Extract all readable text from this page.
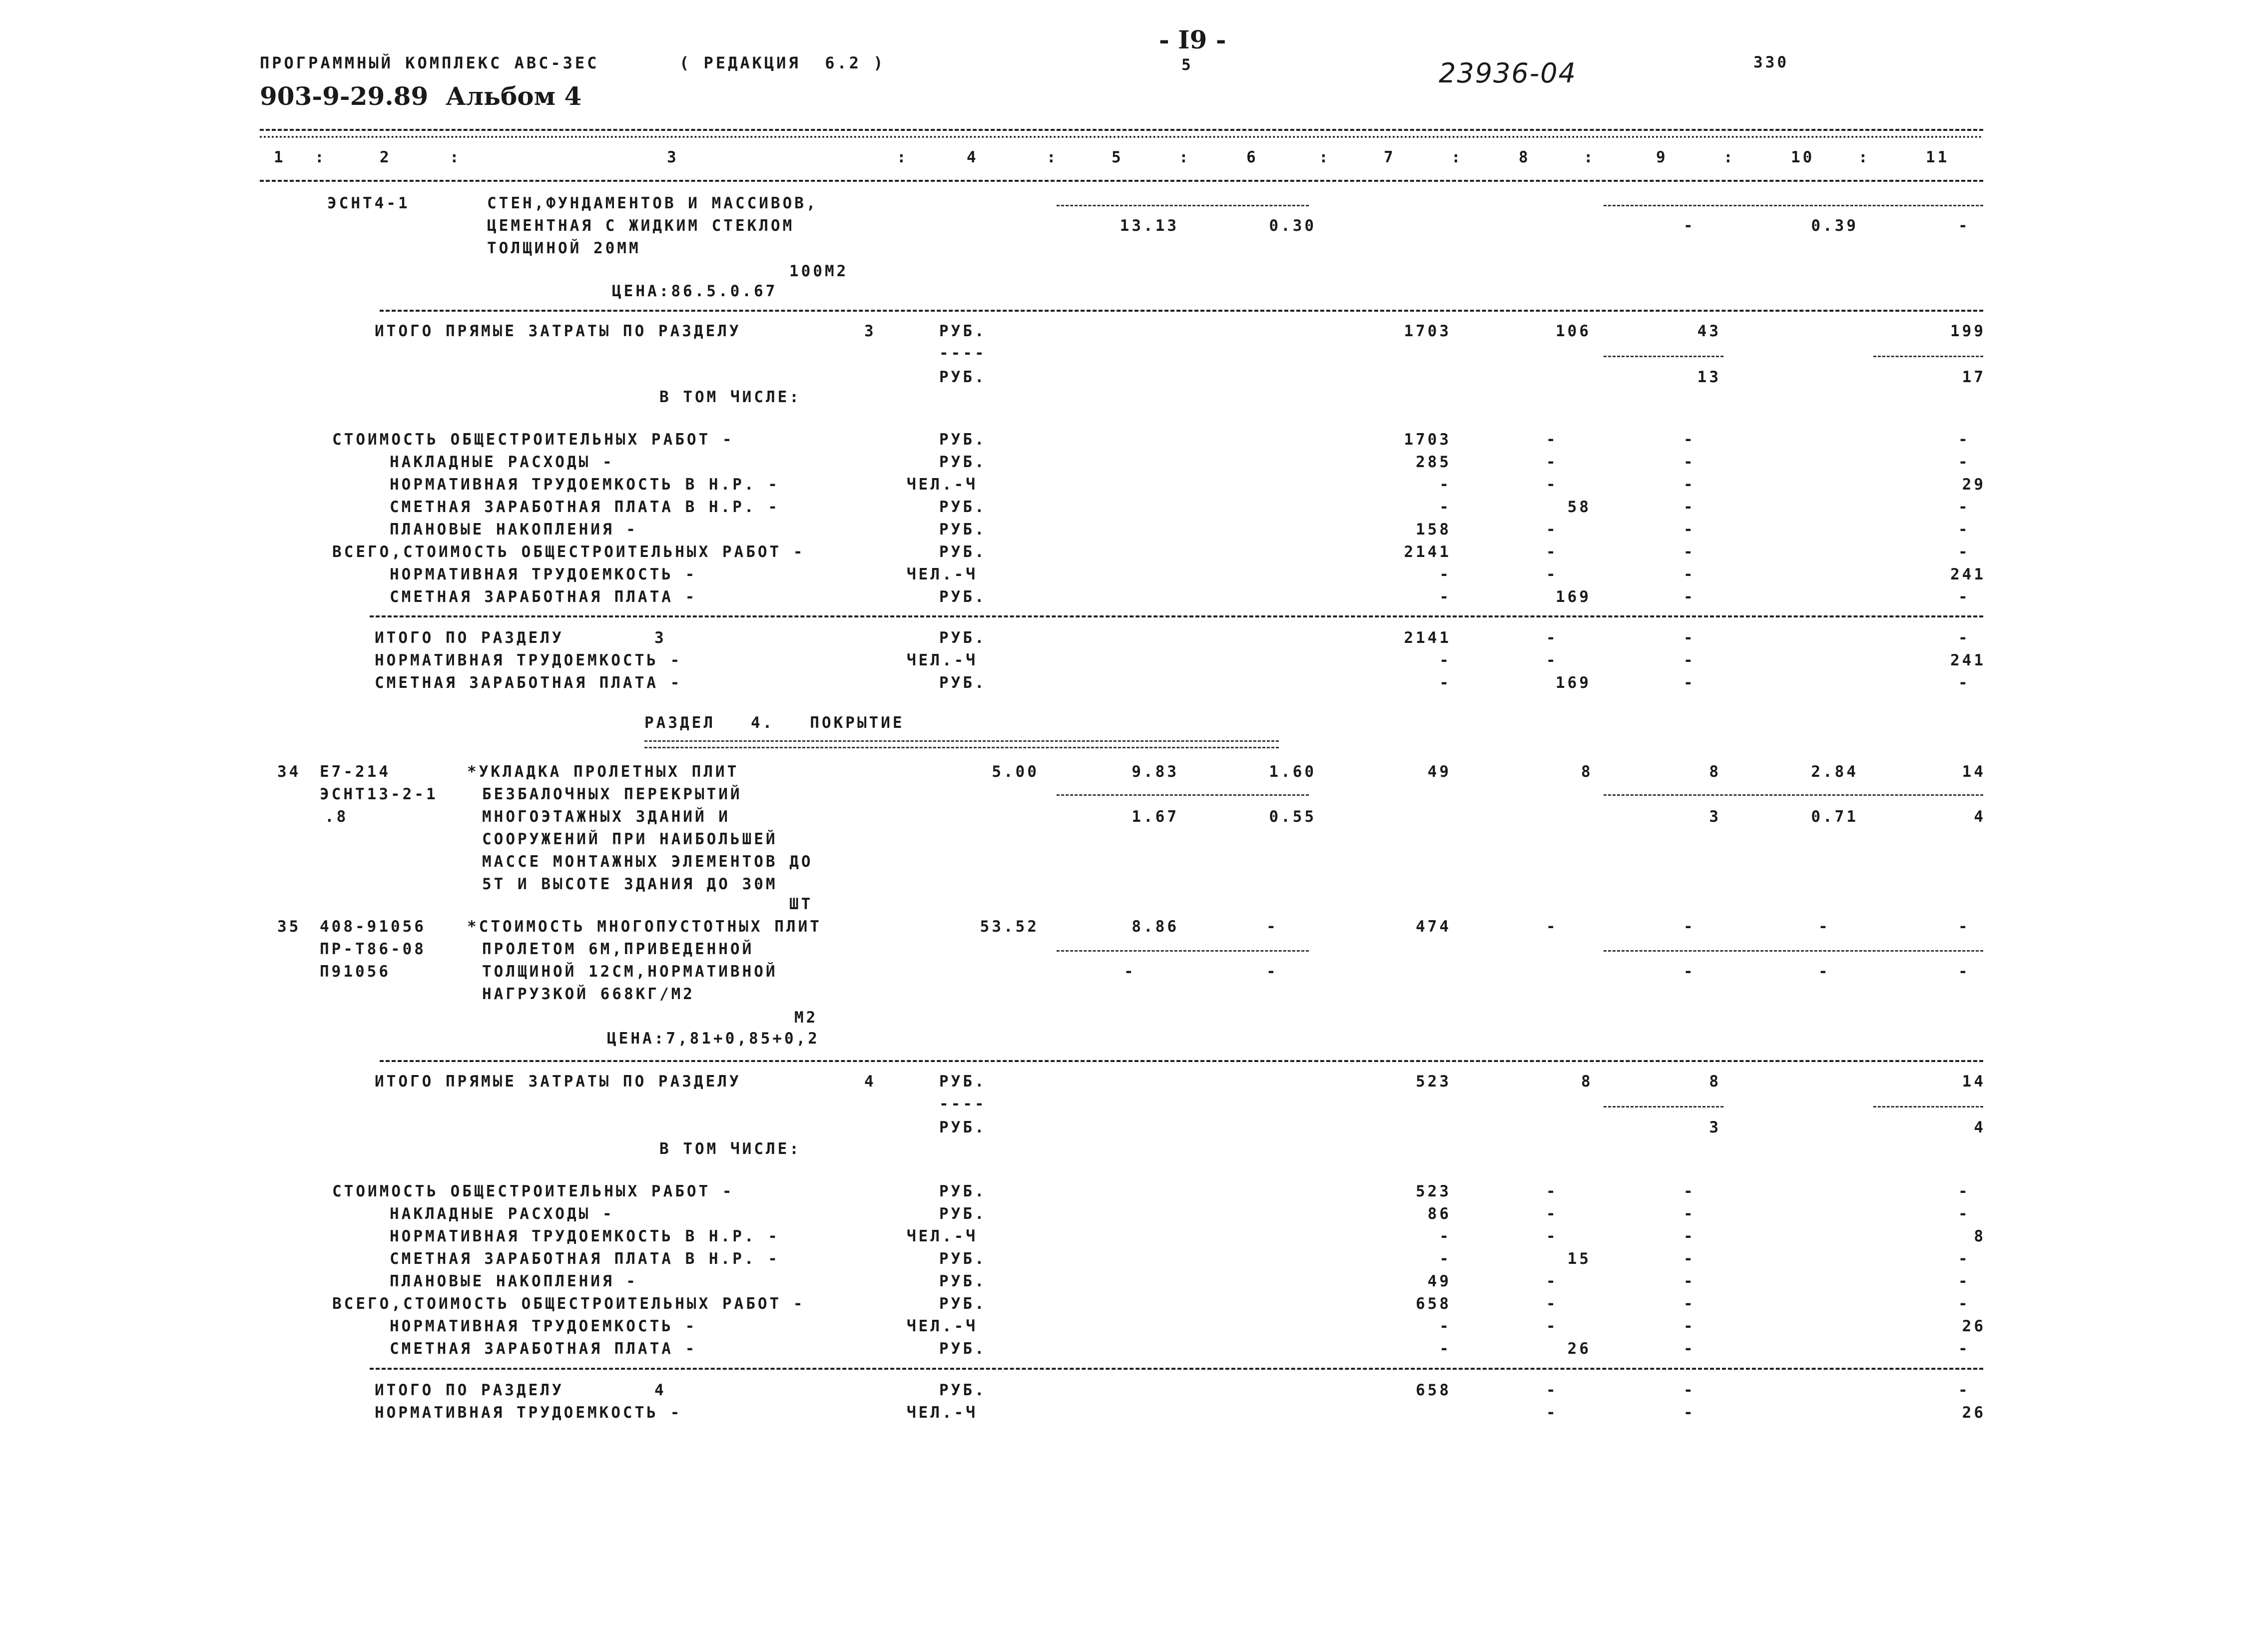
ПРОГРАММНЫЙ КОМПЛЕКС АВС-ЗЕС	( РЕДАКЦИЯ  6.2 )
- I9 -
5	23936-04	330
903-9-29.89  Альбом 4
1 :	2	:	3	:	4	:	5	:	6	:	7	:	8	:	9	:	10	:	11
ЭСНТ4-1	СТЕН,ФУНДАМЕНТОВ И МАССИВОВ,
ЦЕМЕНТНАЯ С ЖИДКИМ СТЕКЛОМ
ТОЛЩИНОЙ 20ММ
100М2
ЦЕНА:86.5.0.67
13.13	0.30	-	0.39	-
ИТОГО ПРЯМЫЕ ЗАТРАТЫ ПО РАЗДЕЛУ	3	РУБ.	1703	106	43	199
----
РУБ.	13	17
В ТОМ ЧИСЛЕ:
СТОИМОСТЬ ОБЩЕСТРОИТЕЛЬНЫХ РАБОТ -	РУБ.	1703	-	-	-
НАКЛАДНЫЕ РАСХОДЫ -	РУБ.	285	-	-	-
НОРМАТИВНАЯ ТРУДОЕМКОСТЬ В Н.Р. -	ЧЕЛ.-Ч	-	-	-	29
СМЕТНАЯ ЗАРАБОТНАЯ ПЛАТА В Н.Р. -	РУБ.	-	58	-	-
ПЛАНОВЫЕ НАКОПЛЕНИЯ -	РУБ.	158	-	-	-
ВСЕГО,СТОИМОСТЬ ОБЩЕСТРОИТЕЛЬНЫХ РАБОТ -	РУБ.	2141	-	-	-
НОРМАТИВНАЯ ТРУДОЕМКОСТЬ -	ЧЕЛ.-Ч	-	-	-	241
СМЕТНАЯ ЗАРАБОТНАЯ ПЛАТА -	РУБ.	-	169	-	-
ИТОГО ПО РАЗДЕЛУ	3	РУБ.	2141	-	-	-
НОРМАТИВНАЯ ТРУДОЕМКОСТЬ -	ЧЕЛ.-Ч	-	-	-	241
СМЕТНАЯ ЗАРАБОТНАЯ ПЛАТА -	РУБ.	-	169	-	-
РАЗДЕЛ   4.   ПОКРЫТИЕ
34 Е7-214
ЭСНТ13-2-1
.8
*УКЛАДКА ПРОЛЕТНЫХ ПЛИТ
БЕЗБАЛОЧНЫХ ПЕРЕКРЫТИЙ
МНОГОЭТАЖНЫХ ЗДАНИЙ И
СООРУЖЕНИЙ ПРИ НАИБОЛЬШЕЙ
МАССЕ МОНТАЖНЫХ ЭЛЕМЕНТОВ ДО
5Т И ВЫСОТЕ ЗДАНИЯ ДО 30М
ШТ
5.00	9.83	1.60	49	8	8	2.84	14
1.67	0.55	3	0.71	4
35 408-91056
ПР-Т86-08
П91056
*СТОИМОСТЬ МНОГОПУСТОТНЫХ ПЛИТ
ПРОЛЕТОМ 6М,ПРИВЕДЕННОЙ
ТОЛЩИНОЙ 12СМ,НОРМАТИВНОЙ
НАГРУЗКОЙ 668КГ/М2
М2
ЦЕНА:7,81+0,85+0,2
53.52	8.86	-	474	-	-	-	-
-	-	-	-	-
ИТОГО ПРЯМЫЕ ЗАТРАТЫ ПО РАЗДЕЛУ	4	РУБ.	523	8	8	14
----
РУБ.	3	4
В ТОМ ЧИСЛЕ:
СТОИМОСТЬ ОБЩЕСТРОИТЕЛЬНЫХ РАБОТ -	РУБ.	523	-	-	-
НАКЛАДНЫЕ РАСХОДЫ -	РУБ.	86	-	-	-
НОРМАТИВНАЯ ТРУДОЕМКОСТЬ В Н.Р. -	ЧЕЛ.-Ч	-	-	-	8
СМЕТНАЯ ЗАРАБОТНАЯ ПЛАТА В Н.Р. -	РУБ.	-	15	-	-
ПЛАНОВЫЕ НАКОПЛЕНИЯ -	РУБ.	49	-	-	-
ВСЕГО,СТОИМОСТЬ ОБЩЕСТРОИТЕЛЬНЫХ РАБОТ -	РУБ.	658	-	-	-
НОРМАТИВНАЯ ТРУДОЕМКОСТЬ -	ЧЕЛ.-Ч	-	-	-	26
СМЕТНАЯ ЗАРАБОТНАЯ ПЛАТА -	РУБ.	-	26	-	-
ИТОГО ПО РАЗДЕЛУ	4	РУБ.	658	-	-	-
НОРМАТИВНАЯ ТРУДОЕМКОСТЬ -	ЧЕЛ.-Ч	-	-	26
